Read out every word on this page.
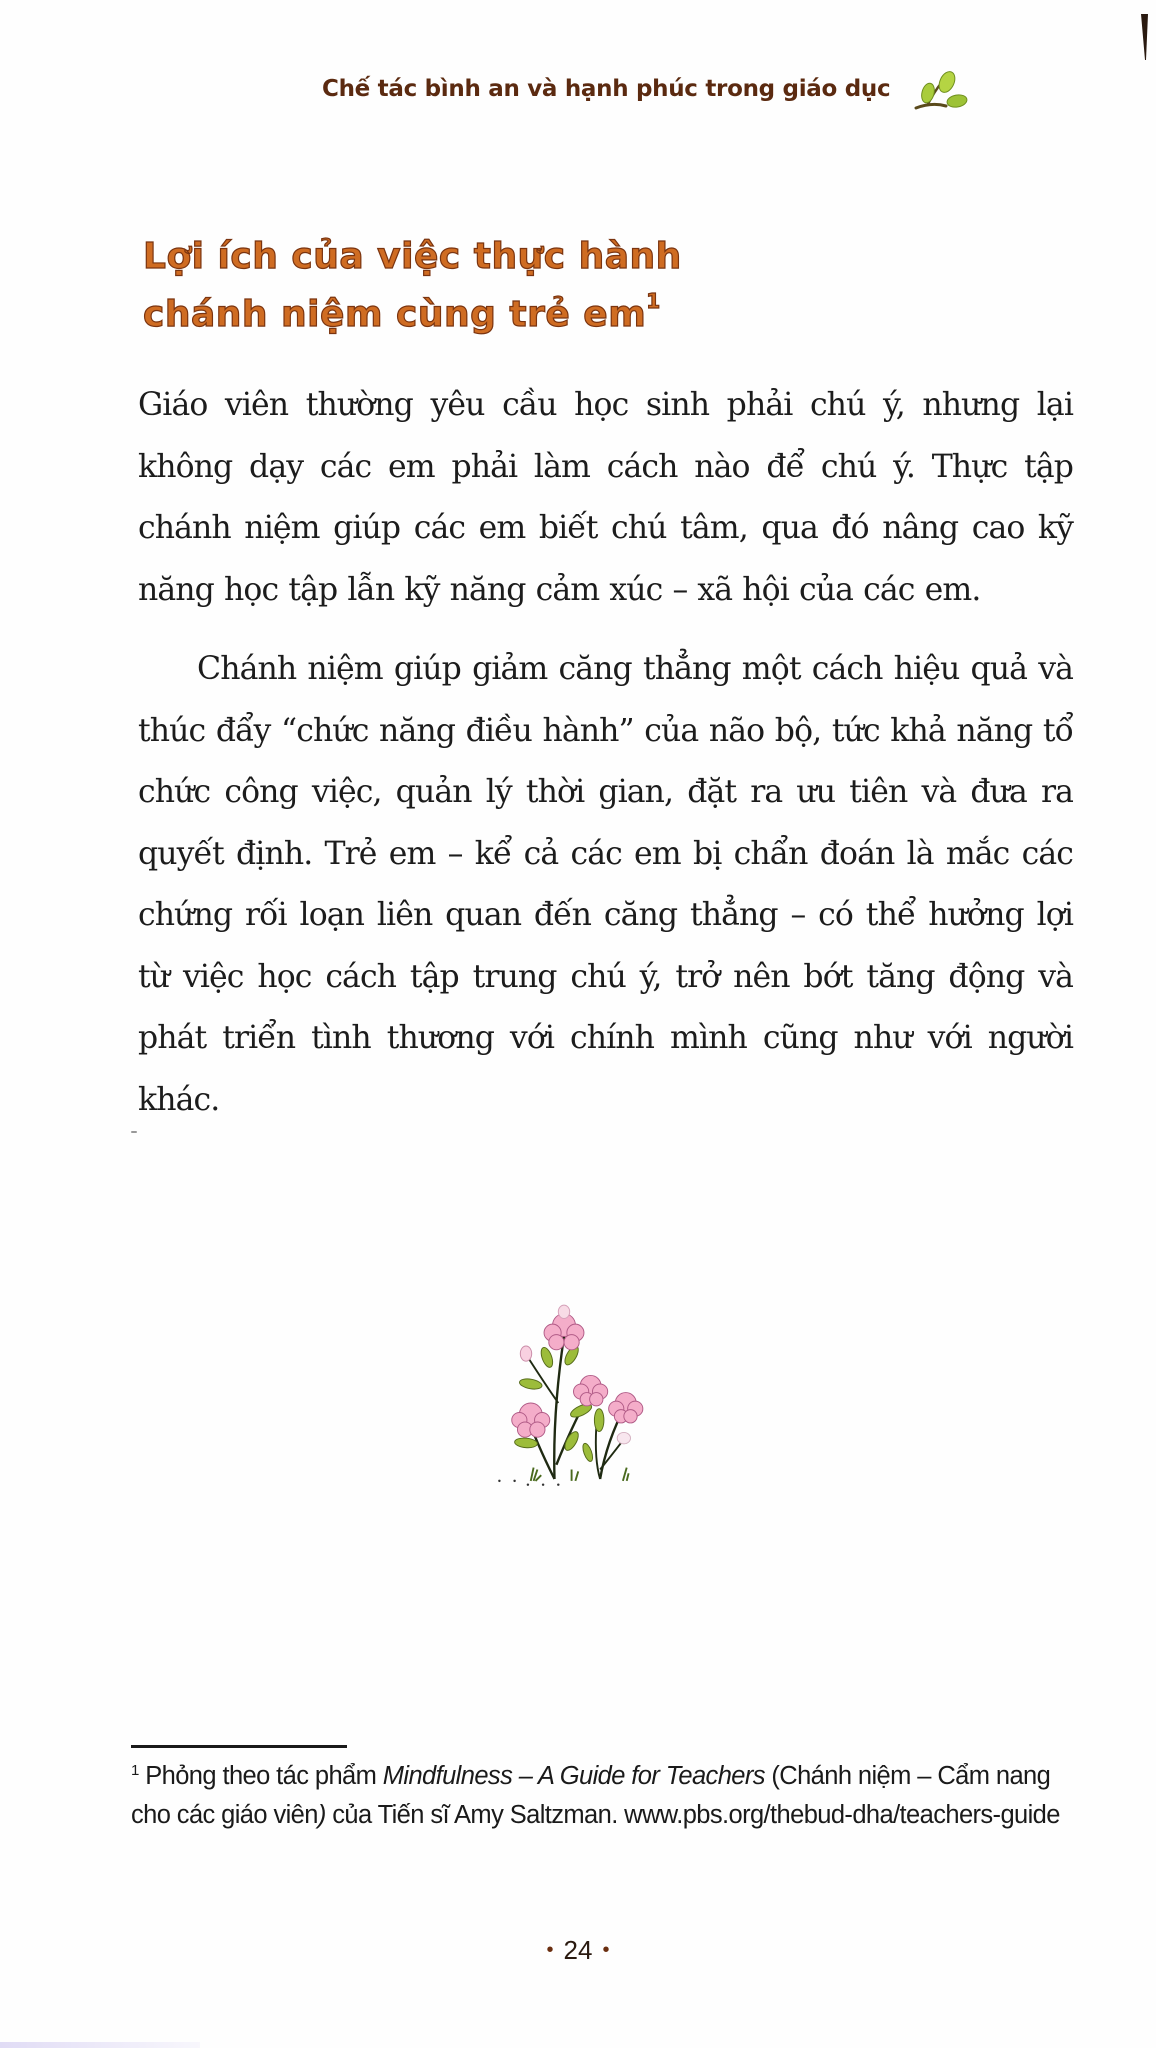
Chế tác bình an và hạnh phúc trong giáo dục
Lợi ích của việc thực hành
chánh niệm cùng trẻ $em^1$

Giáo viên thường yêu cầu học sinh phải chú ý, nhưng lại không dạy các em phải làm cách nào để chú ý. Thực tập chánh niệm giúp các em biết chú tâm, qua đó nâng cao kỹ năng học tập lẫn kỹ năng cảm xúc – xã hội của các em.

Chánh niệm giúp giảm căng thẳng một cách hiệu quả và thúc đẩy “chức năng điều hành” của não bộ, tức khả năng tổ chức công việc, quản lý thời gian, đặt ra ưu tiên và đưa ra quyết định. Trẻ em – kể cả các em bị chẩn đoán là mắc các chứng rối loạn liên quan đến căng thẳng – có thể hưởng lợi từ việc học cách tập trung chú ý, trở nên bớt tăng động và phát triển tình thương với chính mình cũng như với người khác.

$^1$ Phỏng theo tác phẩm Mindfulness – A Guide for Teachers (Chánh niệm – Cẩm nang cho các giáo viên) của Tiến sĩ Amy Saltzman. www.pbs.org/thebud-dha/teachers-guide
• 24 •
